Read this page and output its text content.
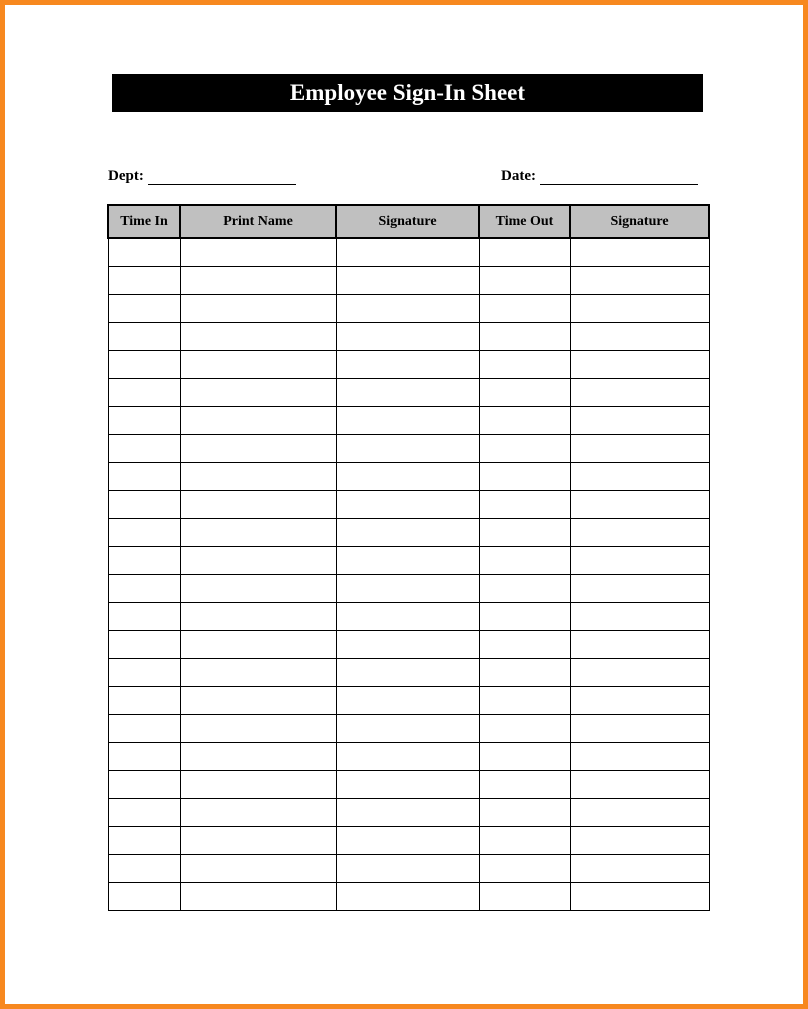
Employee Sign-In Sheet
Dept:	Date:
Time In	Print Name	Signature	Time Out	Signature
